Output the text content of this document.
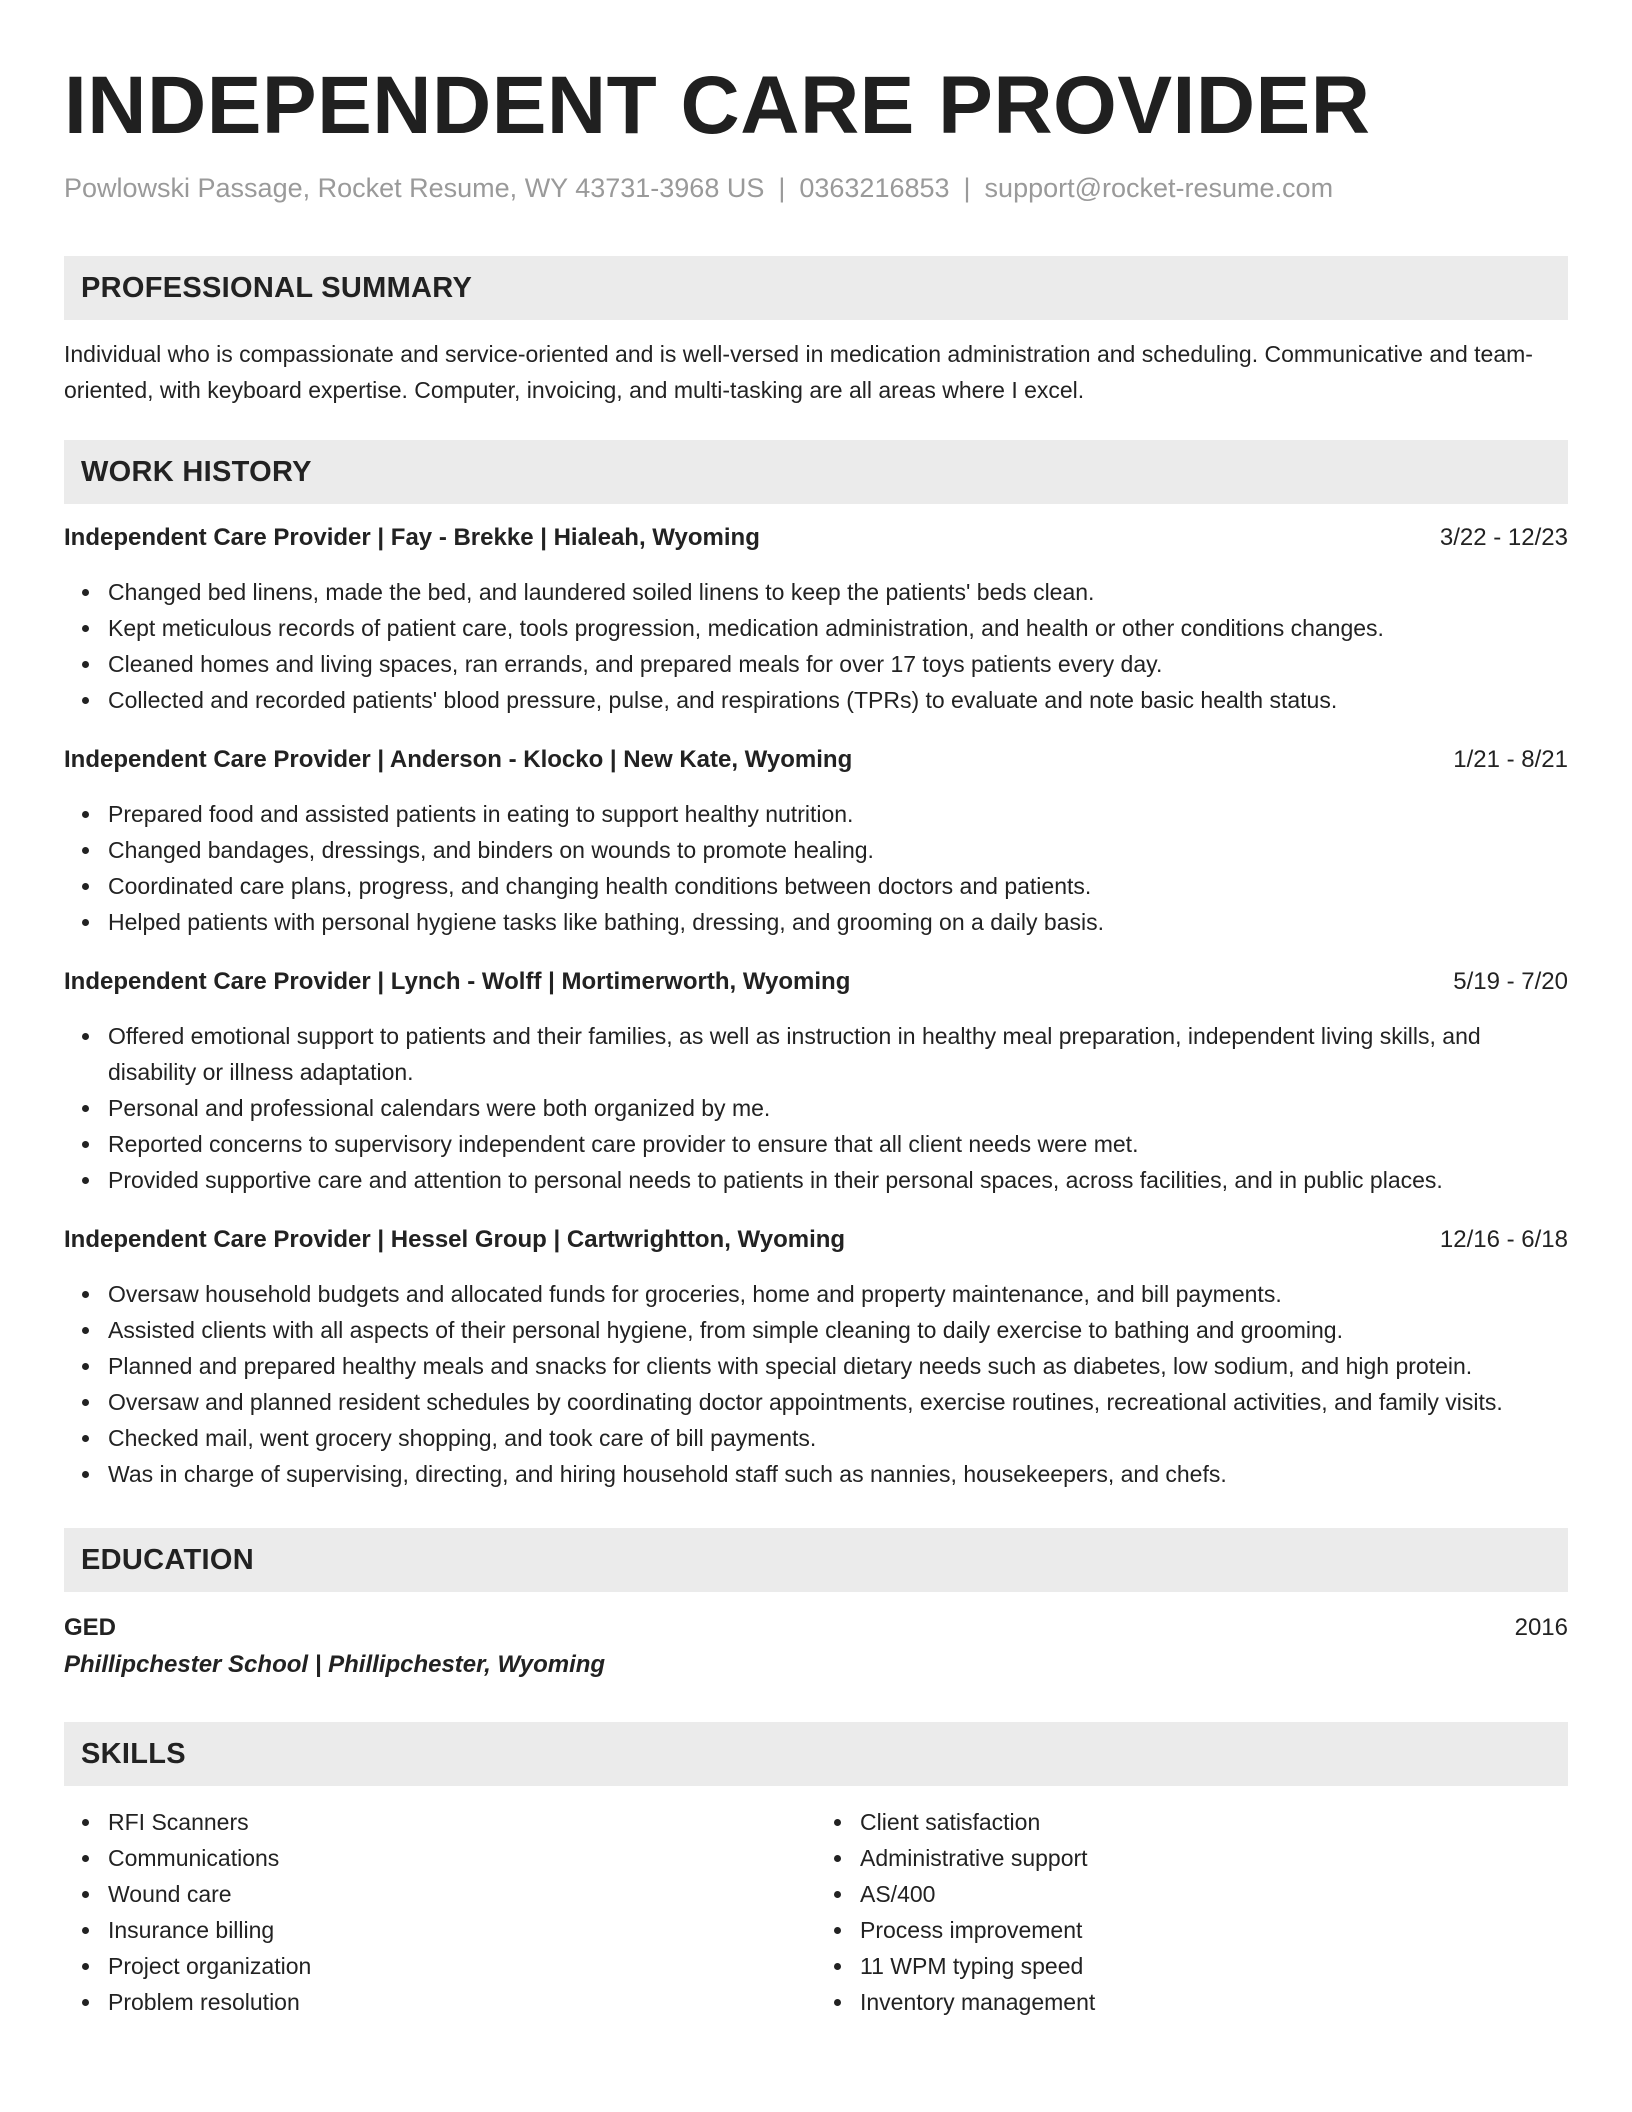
INDEPENDENT CARE PROVIDER
Powlowski Passage, Rocket Resume, WY 43731-3968 US | 0363216853 | support@rocket-resume.com
PROFESSIONAL SUMMARY

Individual who is compassionate and service-oriented and is well-versed in medication administration and scheduling. Communicative and team-oriented, with keyboard expertise. Computer, invoicing, and multi-tasking are all areas where I excel.

WORK HISTORY
Independent Care Provider | Fay - Brekke | Hialeah, Wyoming	3/22 - 12/23
Changed bed linens, made the bed, and laundered soiled linens to keep the patients' beds clean.
Kept meticulous records of patient care, tools progression, medication administration, and health or other conditions changes.
Cleaned homes and living spaces, ran errands, and prepared meals for over 17 toys patients every day.
Collected and recorded patients' blood pressure, pulse, and respirations (TPRs) to evaluate and note basic health status.
Independent Care Provider | Anderson - Klocko | New Kate, Wyoming	1/21 - 8/21
Prepared food and assisted patients in eating to support healthy nutrition.
Changed bandages, dressings, and binders on wounds to promote healing.
Coordinated care plans, progress, and changing health conditions between doctors and patients.
Helped patients with personal hygiene tasks like bathing, dressing, and grooming on a daily basis.
Independent Care Provider | Lynch - Wolff | Mortimerworth, Wyoming	5/19 - 7/20
Offered emotional support to patients and their families, as well as instruction in healthy meal preparation, independent living skills, and disability or illness adaptation.
Personal and professional calendars were both organized by me.
Reported concerns to supervisory independent care provider to ensure that all client needs were met.
Provided supportive care and attention to personal needs to patients in their personal spaces, across facilities, and in public places.
Independent Care Provider | Hessel Group | Cartwrightton, Wyoming	12/16 - 6/18
Oversaw household budgets and allocated funds for groceries, home and property maintenance, and bill payments.
Assisted clients with all aspects of their personal hygiene, from simple cleaning to daily exercise to bathing and grooming.
Planned and prepared healthy meals and snacks for clients with special dietary needs such as diabetes, low sodium, and high protein.
Oversaw and planned resident schedules by coordinating doctor appointments, exercise routines, recreational activities, and family visits.
Checked mail, went grocery shopping, and took care of bill payments.
Was in charge of supervising, directing, and hiring household staff such as nannies, housekeepers, and chefs.
EDUCATION
GED	2016
Phillipchester School | Phillipchester, Wyoming
SKILLS
RFI Scanners
Communications
Wound care
Insurance billing
Project organization
Problem resolution
Client satisfaction
Administrative support
AS/400
Process improvement
11 WPM typing speed
Inventory management
